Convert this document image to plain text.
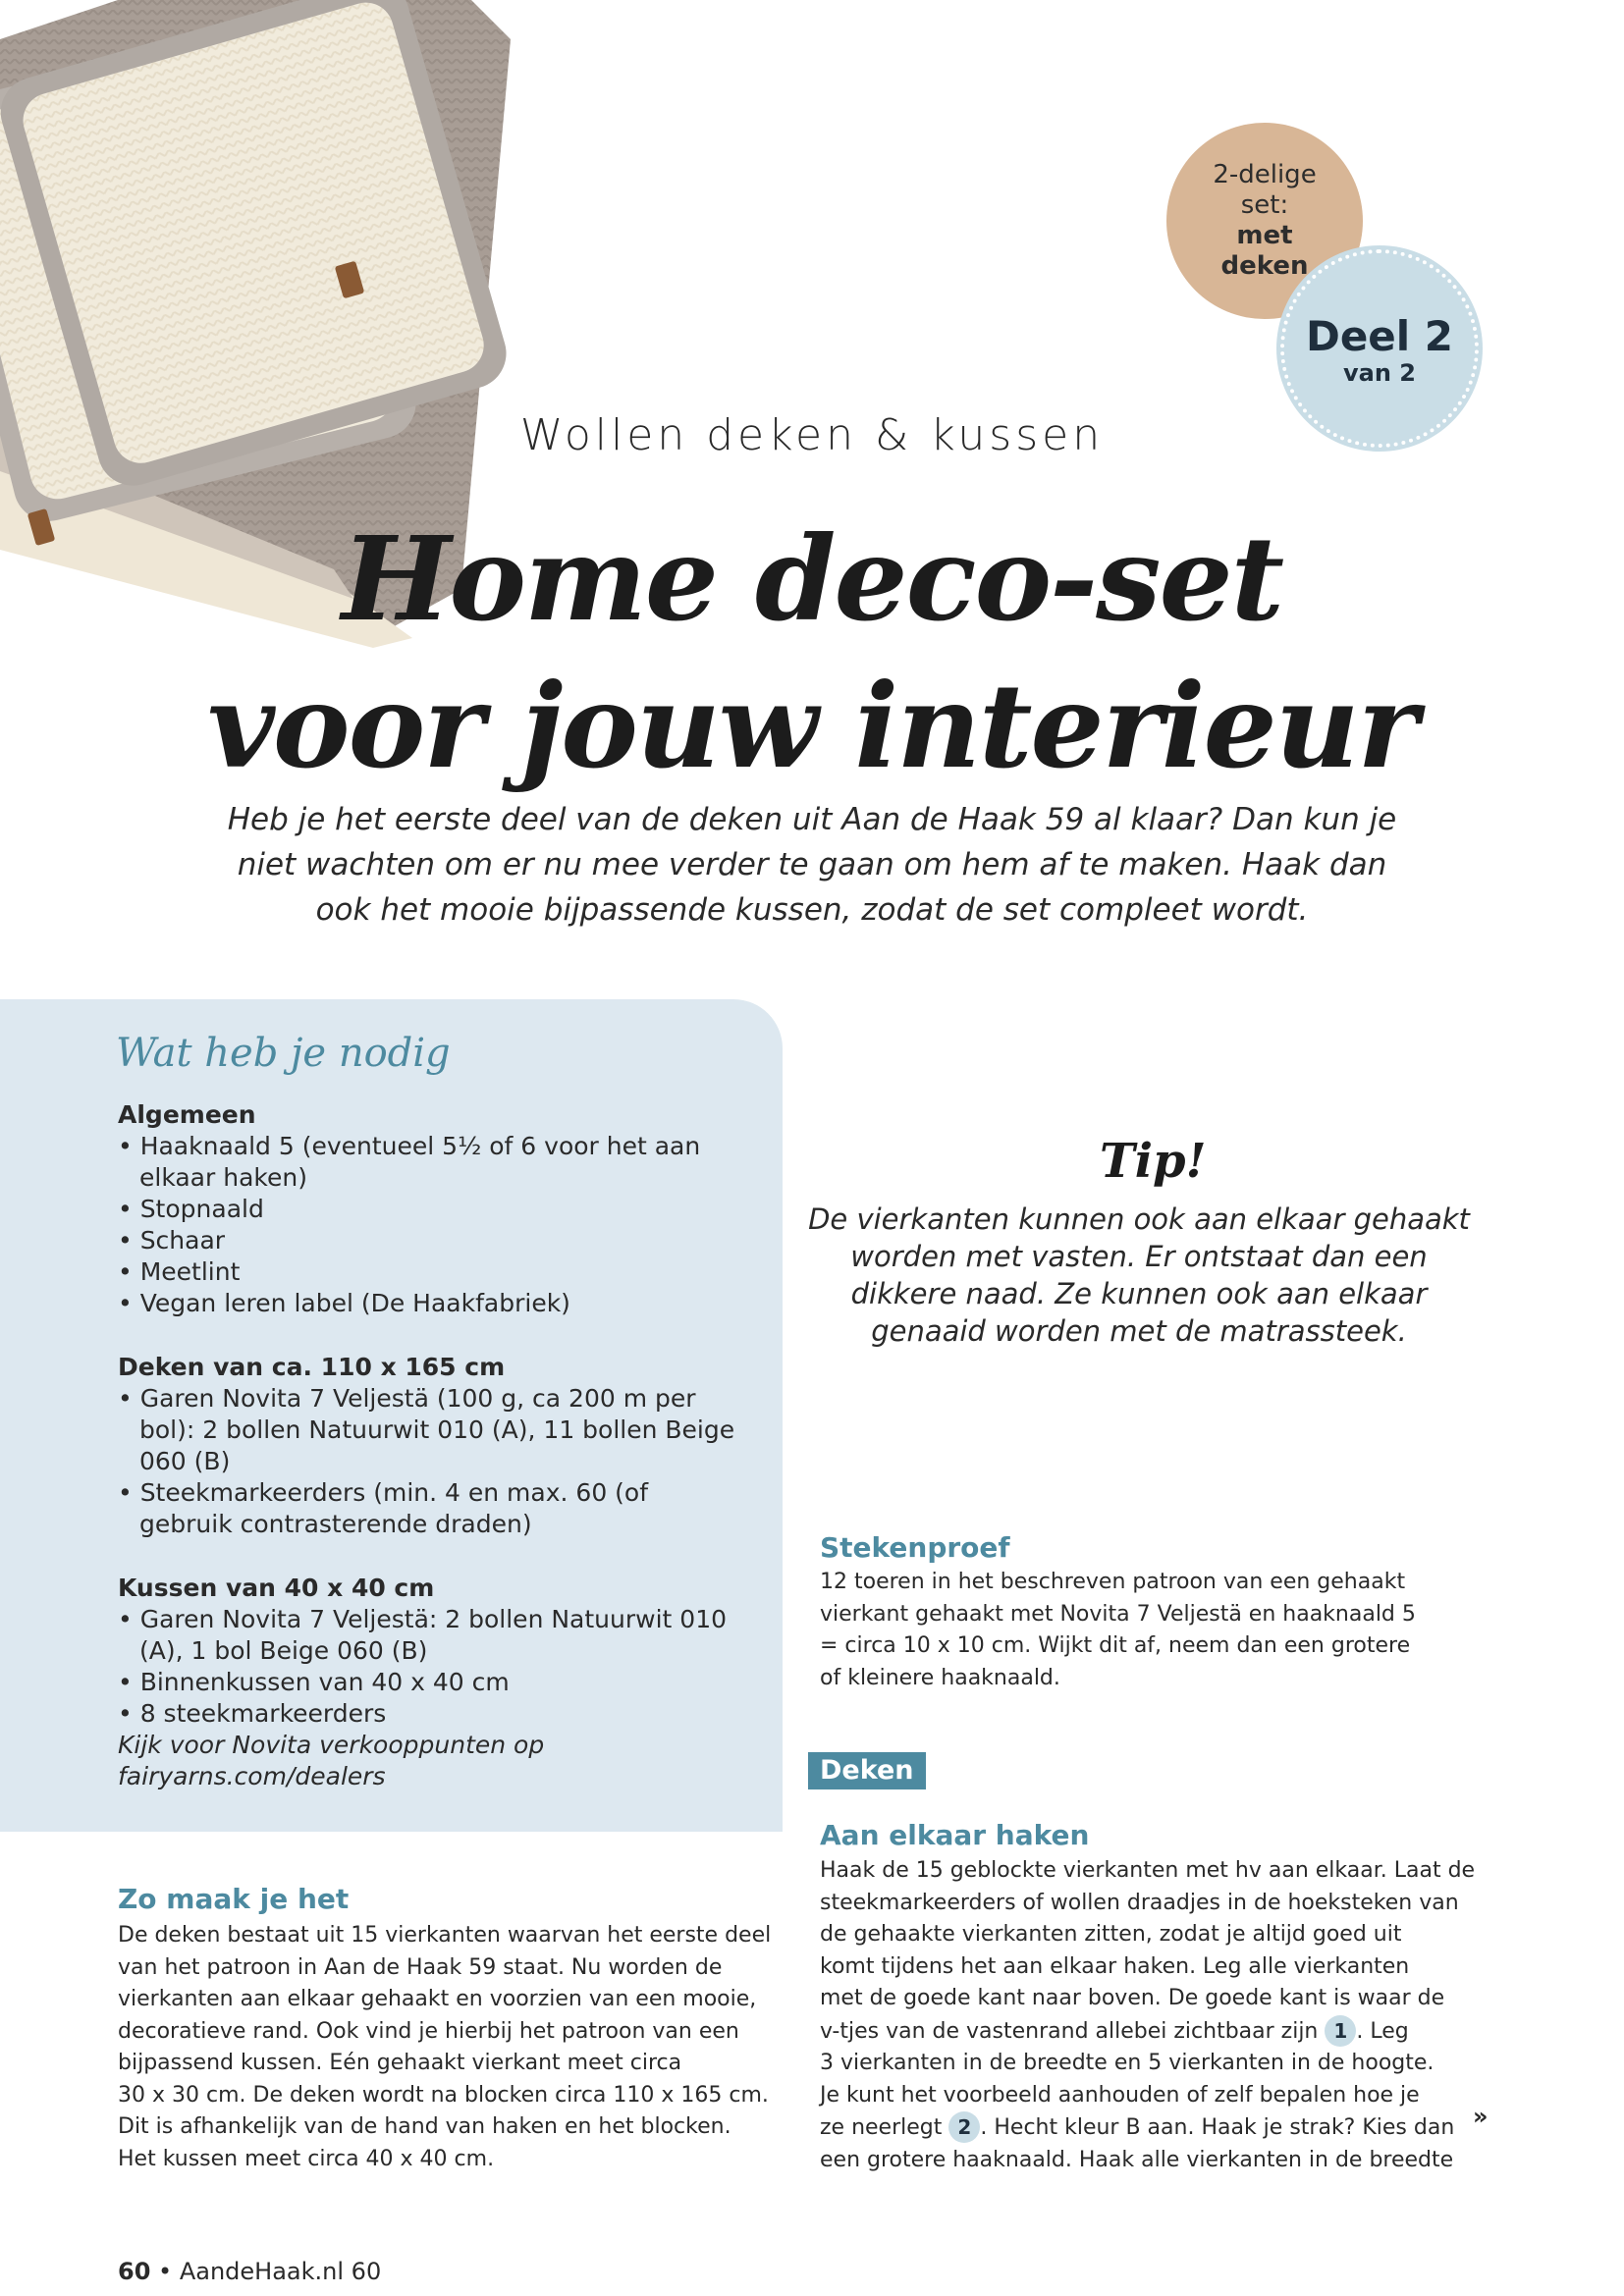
2-delige
set:
met
deken
Deel 2
van 2
Wollen deken & kussen
Home deco-set
voor jouw interieur
Heb je het eerste deel van de deken uit Aan de Haak 59 al klaar? Dan kun je
niet wachten om er nu mee verder te gaan om hem af te maken. Haak dan
ook het mooie bijpassende kussen, zodat de set compleet wordt.
Wat heb je nodig
Algemeen
• Haaknaald 5 (eventueel 5½ of 6 voor het aan elkaar haken)
• Stopnaald
• Schaar
• Meetlint
• Vegan leren label (De Haakfabriek)
Deken van ca. 110 x 165 cm
• Garen Novita 7 Veljestä (100 g, ca 200 m per bol): 2 bollen Natuurwit 010 (A), 11 bollen Beige 060 (B)
• Steekmarkeerders (min. 4 en max. 60 (of gebruik contrasterende draden)
Kussen van 40 x 40 cm
• Garen Novita 7 Veljestä: 2 bollen Natuurwit 010 (A), 1 bol Beige 060 (B)
• Binnenkussen van 40 x 40 cm
• 8 steekmarkeerders
Kijk voor Novita verkooppunten op fairyarns.com/dealers
Tip!
De vierkanten kunnen ook aan elkaar gehaakt
worden met vasten. Er ontstaat dan een
dikkere naad. Ze kunnen ook aan elkaar
genaaid worden met de matrassteek.
Stekenproef
12 toeren in het beschreven patroon van een gehaakt
vierkant gehaakt met Novita 7 Veljestä en haaknaald 5
= circa 10 x 10 cm. Wijkt dit af, neem dan een grotere
of kleinere haaknaald.
Zo maak je het
De deken bestaat uit 15 vierkanten waarvan het eerste deel
van het patroon in Aan de Haak 59 staat. Nu worden de
vierkanten aan elkaar gehaakt en voorzien van een mooie,
decoratieve rand. Ook vind je hierbij het patroon van een
bijpassend kussen. Eén gehaakt vierkant meet circa
30 x 30 cm. De deken wordt na blocken circa 110 x 165 cm.
Dit is afhankelijk van de hand van haken en het blocken.
Het kussen meet circa 40 x 40 cm.
Deken
Aan elkaar haken
Haak de 15 geblockte vierkanten met hv aan elkaar. Laat de
steekmarkeerders of wollen draadjes in de hoeksteken van
de gehaakte vierkanten zitten, zodat je altijd goed uit
komt tijdens het aan elkaar haken. Leg alle vierkanten
met de goede kant naar boven. De goede kant is waar de
v-tjes van de vastenrand allebei zichtbaar zijn 1 . Leg
3 vierkanten in de breedte en 5 vierkanten in de hoogte.
Je kunt het voorbeeld aanhouden of zelf bepalen hoe je
ze neerlegt 2 . Hecht kleur B aan. Haak je strak? Kies dan
een grotere haaknaald. Haak alle vierkanten in de breedte
»
60 • AandeHaak.nl 60
